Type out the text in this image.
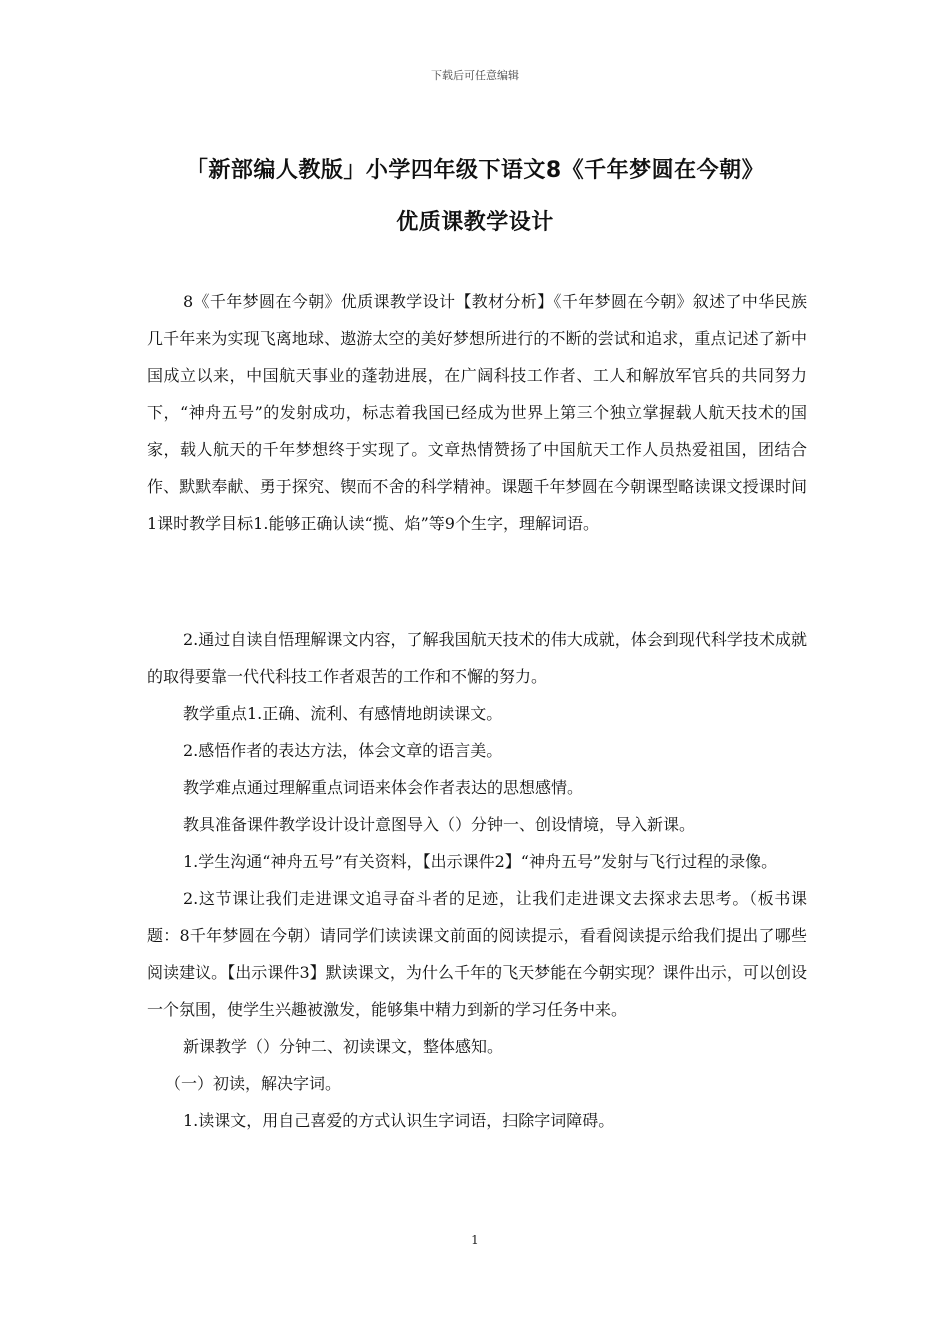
下载后可任意编辑
「新部编人教版」小学四年级下语文8《千年梦圆在今朝》
优质课教学设计

8《千年梦圆在今朝》优质课教学设计【教材分析】《千年梦圆在今朝》叙述了中华民族几千年来为实现飞离地球、遨游太空的美好梦想所进行的不断的尝试和追求，重点记述了新中国成立以来，中国航天事业的蓬勃进展，在广阔科技工作者、工人和解放军官兵的共同努力下，“神舟五号”的发射成功，标志着我国已经成为世界上第三个独立掌握载人航天技术的国家，载人航天的千年梦想终于实现了。文章热情赞扬了中国航天工作人员热爱祖国，团结合作、默默奉献、勇于探究、锲而不舍的科学精神。课题千年梦圆在今朝课型略读课文授课时间1课时教学目标1.能够正确认读“揽、焰”等9个生字，理解词语。

2.通过自读自悟理解课文内容，了解我国航天技术的伟大成就，体会到现代科学技术成就的取得要靠一代代科技工作者艰苦的工作和不懈的努力。

教学重点1.正确、流利、有感情地朗读课文。

2.感悟作者的表达方法，体会文章的语言美。

教学难点通过理解重点词语来体会作者表达的思想感情。

教具准备课件教学设计设计意图导入（）分钟一、创设情境，导入新课。

1.学生沟通“神舟五号”有关资料，【出示课件2】“神舟五号”发射与飞行过程的录像。

2.这节课让我们走进课文追寻奋斗者的足迹，让我们走进课文去探求去思考。（板书课题：8千年梦圆在今朝）请同学们读读课文前面的阅读提示，看看阅读提示给我们提出了哪些阅读建议。【出示课件3】默读课文，为什么千年的飞天梦能在今朝实现？课件出示，可以创设一个氛围，使学生兴趣被激发，能够集中精力到新的学习任务中来。

新课教学（）分钟二、初读课文，整体感知。

（一）初读，解决字词。

1.读课文，用自己喜爱的方式认识生字词语，扫除字词障碍。

1
